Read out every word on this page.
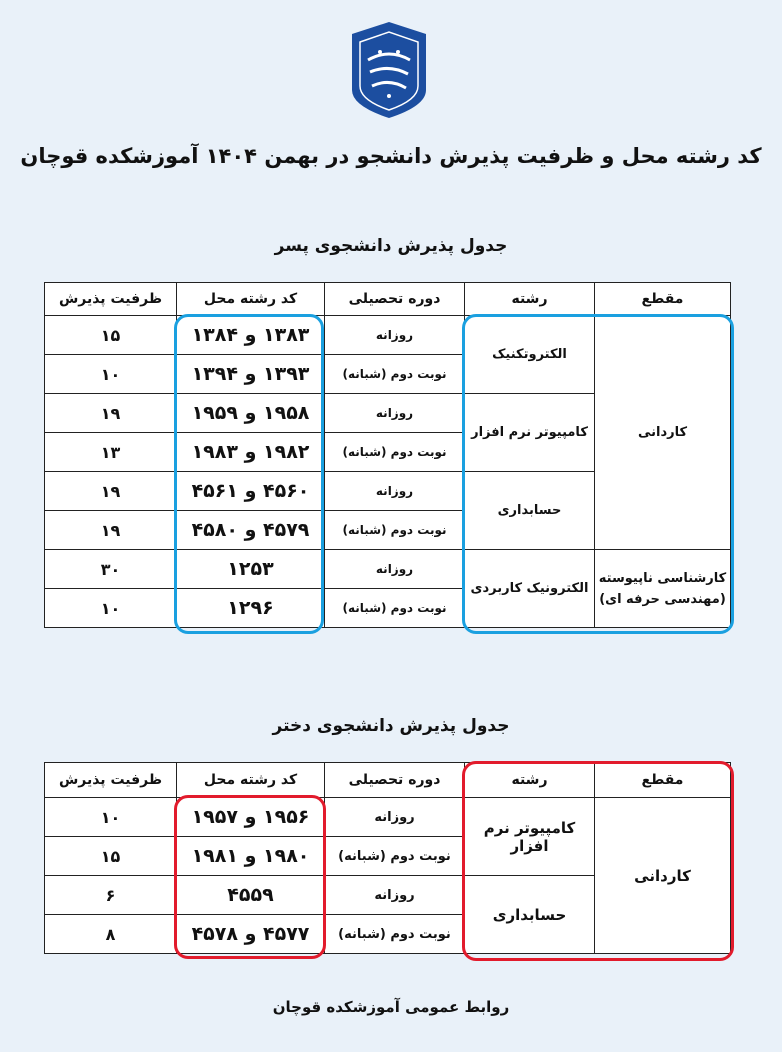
کد رشته محل و ظرفیت پذیرش دانشجو در بهمن ۱۴۰۴ آموزشکده قوچان
جدول پذیرش دانشجوی پسر
مقطع	رشته	دوره تحصیلی	کد رشته محل	ظرفیت پذیرش
کاردانی	الکتروتکنیک	روزانه	۱۳۸۳ و ۱۳۸۴	۱۵
		نوبت دوم (شبانه)	۱۳۹۳ و ۱۳۹۴	۱۰
	کامپیوتر نرم افزار	روزانه	۱۹۵۸ و ۱۹۵۹	۱۹
		نوبت دوم (شبانه)	۱۹۸۲ و ۱۹۸۳	۱۳
	حسابداری	روزانه	۴۵۶۰ و ۴۵۶۱	۱۹
		نوبت دوم (شبانه)	۴۵۷۹ و ۴۵۸۰	۱۹

کارشناسی ناپیوسته
(مهندسی حرفه ای)	الکترونیک کاربردی	روزانه	۱۲۵۳	۳۰
		نوبت دوم (شبانه)	۱۲۹۶	۱۰
جدول پذیرش دانشجوی دختر
مقطع	رشته	دوره تحصیلی	کد رشته محل	ظرفیت پذیرش
کاردانی	کامپیوتر نرم افزار	روزانه	۱۹۵۶ و ۱۹۵۷	۱۰
		نوبت دوم (شبانه)	۱۹۸۰ و ۱۹۸۱	۱۵
	حسابداری	روزانه	۴۵۵۹	۶
		نوبت دوم (شبانه)	۴۵۷۷ و ۴۵۷۸	۸
روابط عمومی آموزشکده قوچان
